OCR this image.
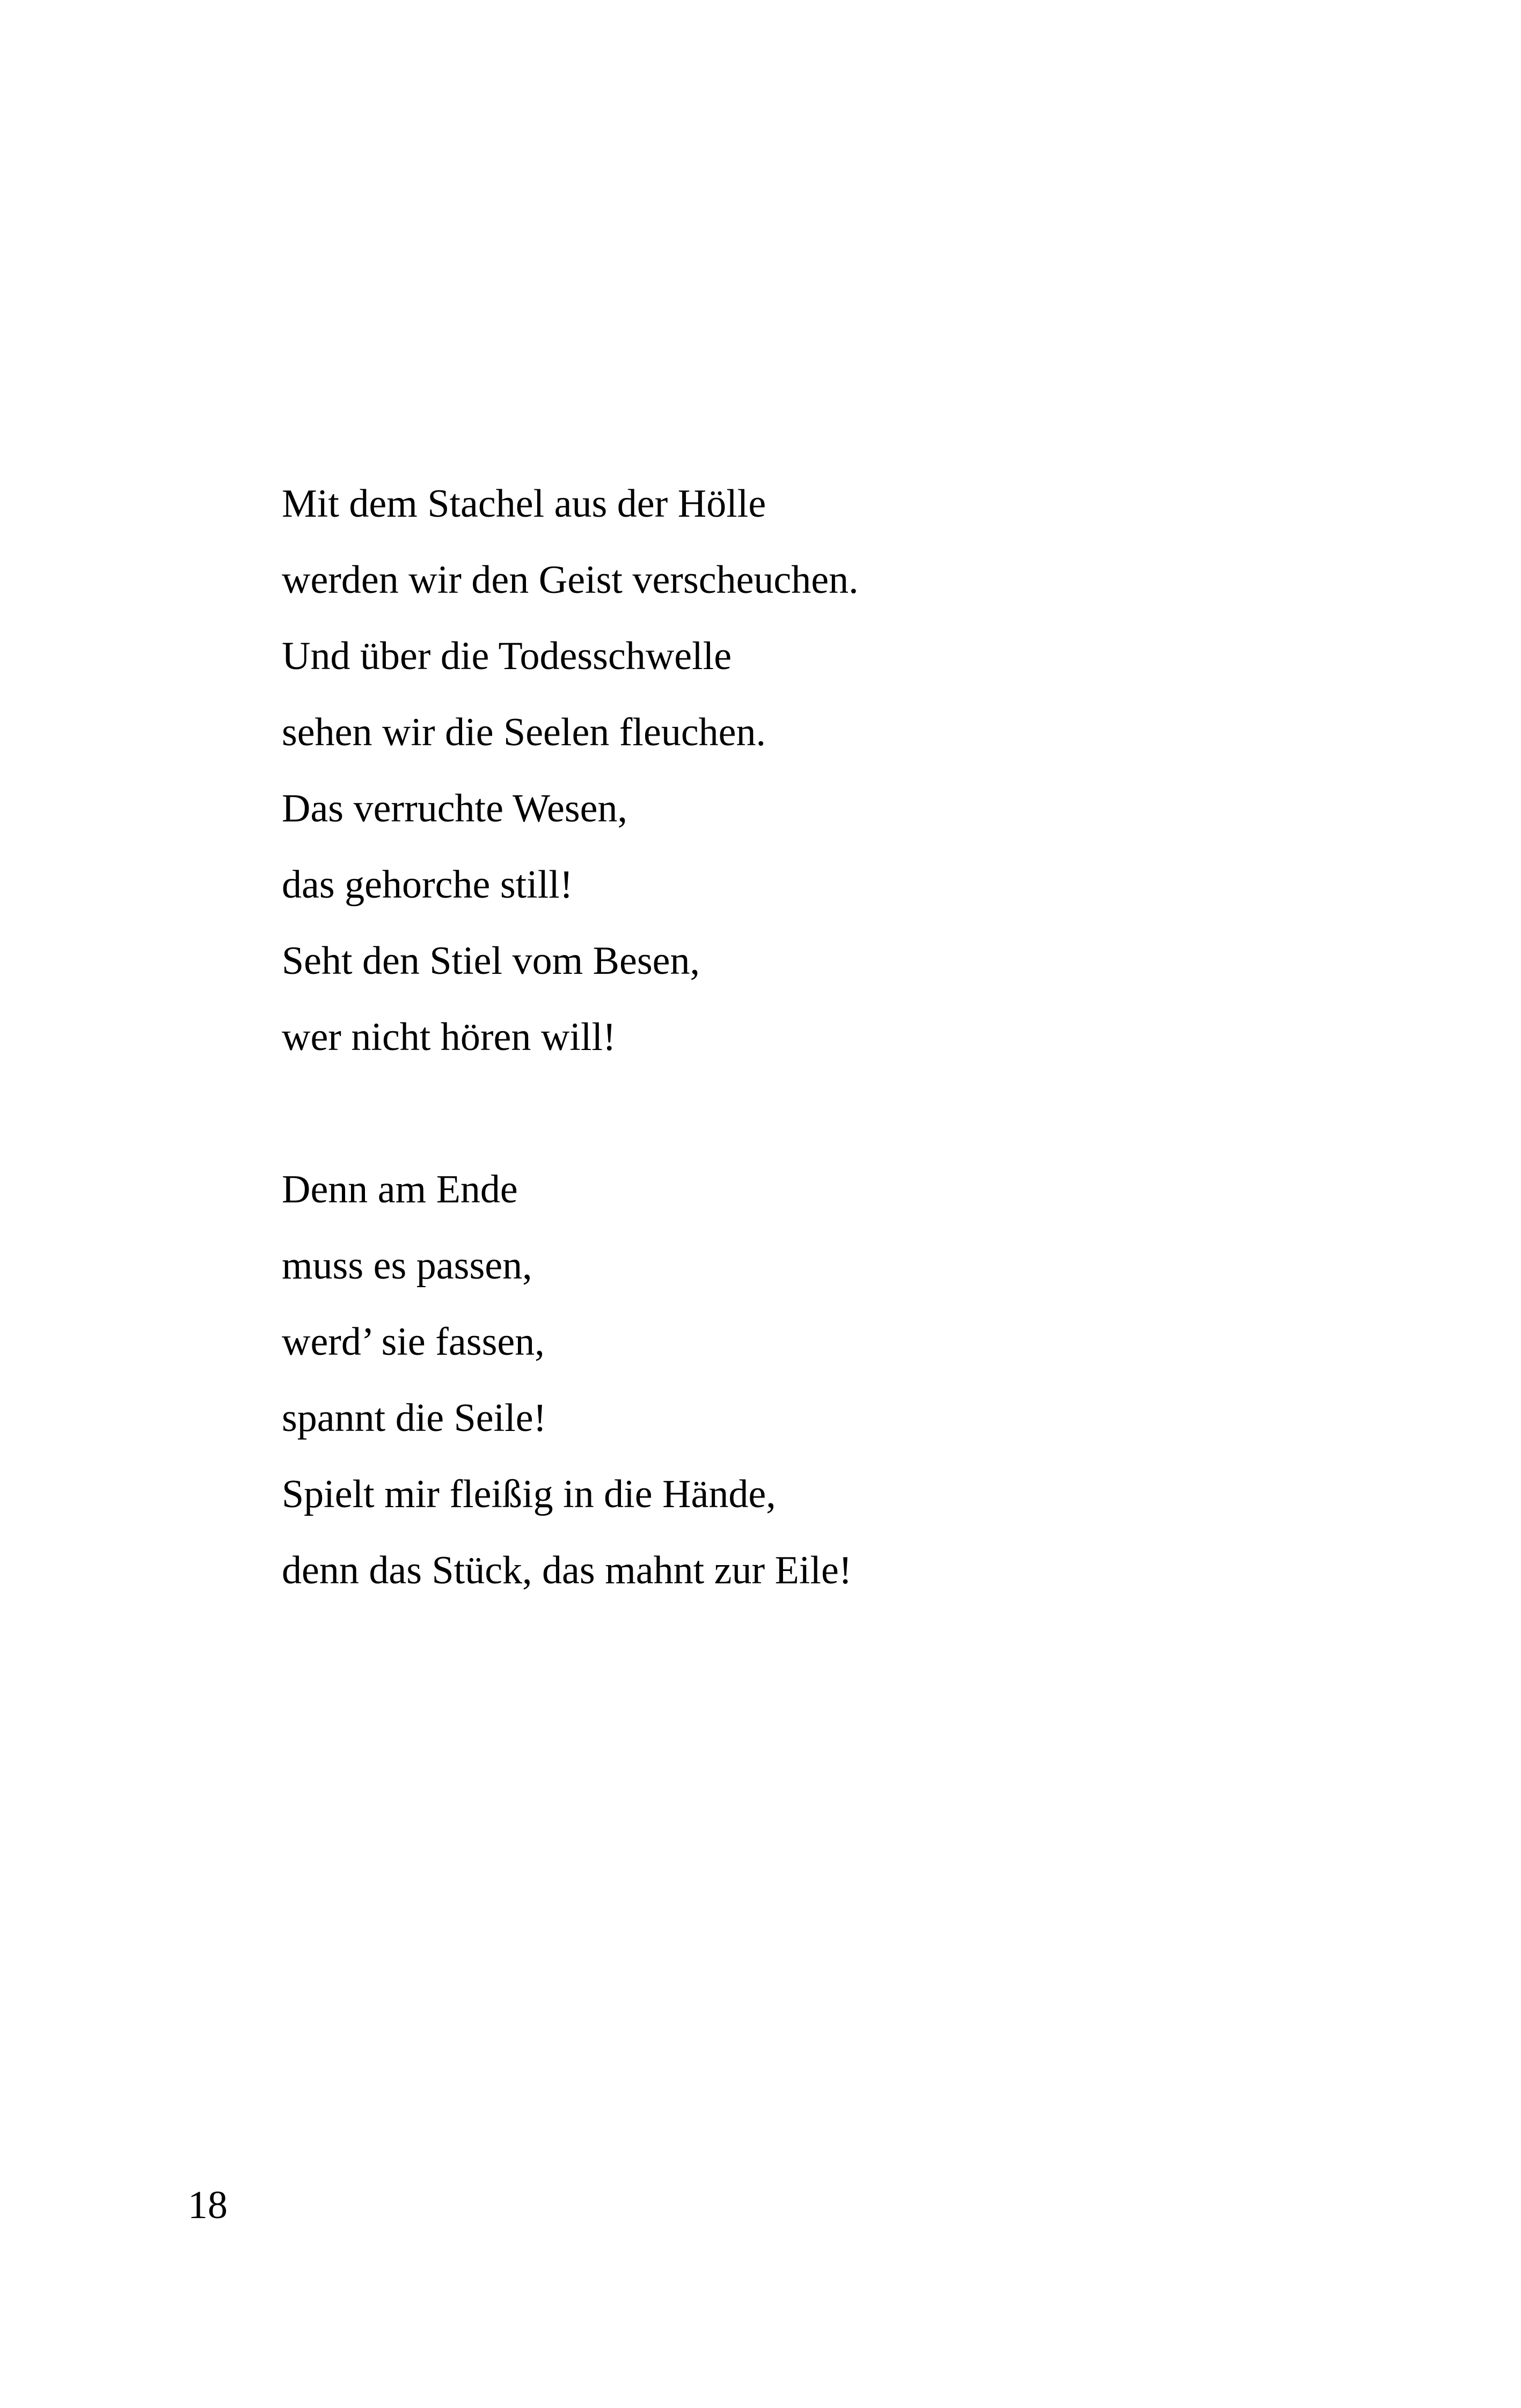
Mit dem Stachel aus der Hölle
werden wir den Geist verscheuchen.
Und über die Todesschwelle
sehen wir die Seelen fleuchen.
Das verruchte Wesen,
das gehorche still!
Seht den Stiel vom Besen,
wer nicht hören will!
Denn am Ende
muss es passen,
werd’ sie fassen,
spannt die Seile!
Spielt mir fleißig in die Hände,
denn das Stück, das mahnt zur Eile!
18
